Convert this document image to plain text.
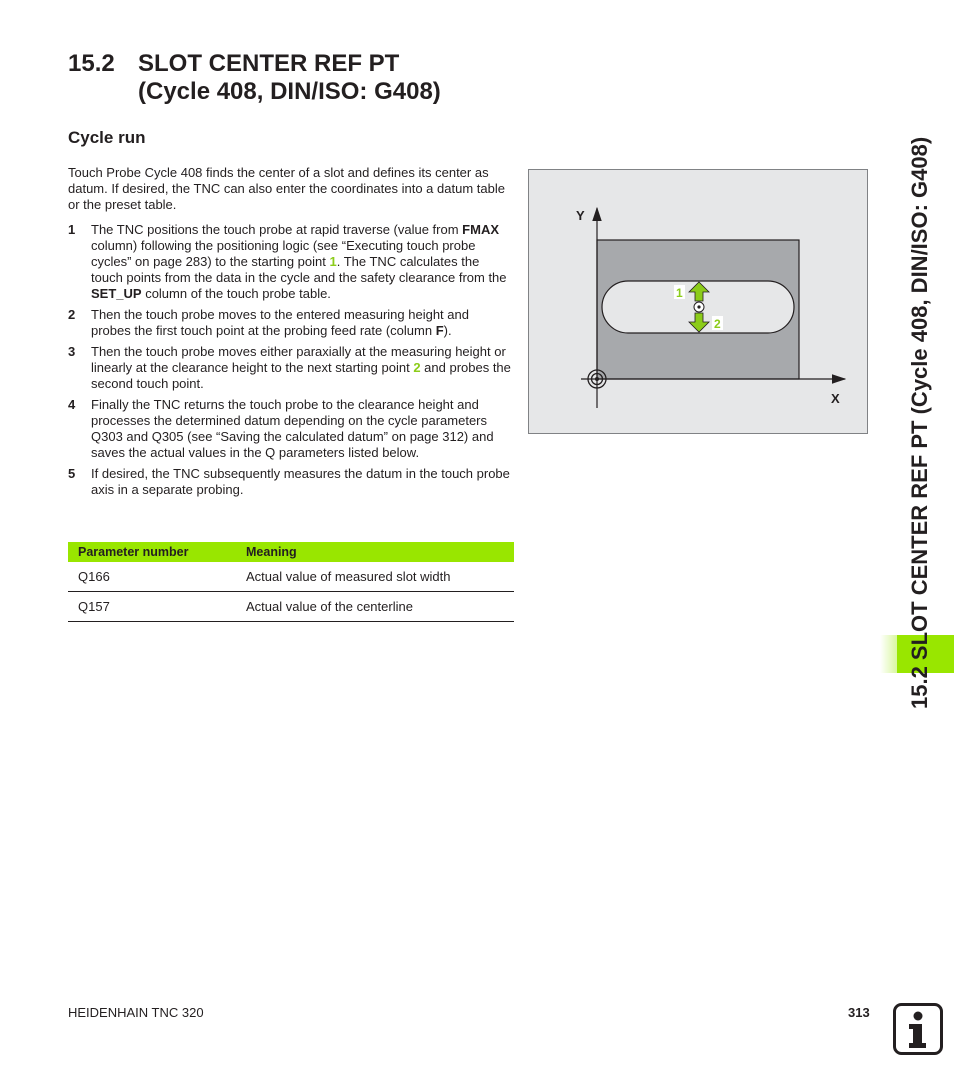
15.2 SLOT CENTER REF PT
(Cycle 408, DIN/ISO: G408)
Cycle run

Touch Probe Cycle 408 finds the center of a slot and defines its center as datum. If desired, the TNC can also enter the coordinates into a datum table or the preset table.

1 The TNC positions the touch probe at rapid traverse (value from FMAX column) following the positioning logic (see “Executing touch probe cycles” on page 283) to the starting point 1. The TNC calculates the touch points from the data in the cycle and the safety clearance from the SET_UP column of the touch probe table.
2 Then the touch probe moves to the entered measuring height and probes the first touch point at the probing feed rate (column F).
3 Then the touch probe moves either paraxially at the measuring height or linearly at the clearance height to the next starting point 2 and probes the second touch point.
4 Finally the TNC returns the touch probe to the clearance height and processes the determined datum depending on the cycle parameters Q303 and Q305 (see “Saving the calculated datum” on page 312) and saves the actual values in the Q parameters listed below.
5 If desired, the TNC subsequently measures the datum in the touch probe axis in a separate probing.
Parameter number	Meaning
Q166	Actual value of measured slot width
Q157	Actual value of the centerline
Y
X
1
2	15.2 SLOT CENTER REF PT (Cycle 408, DIN/ISO: G408)
HEIDENHAIN TNC 320	313
